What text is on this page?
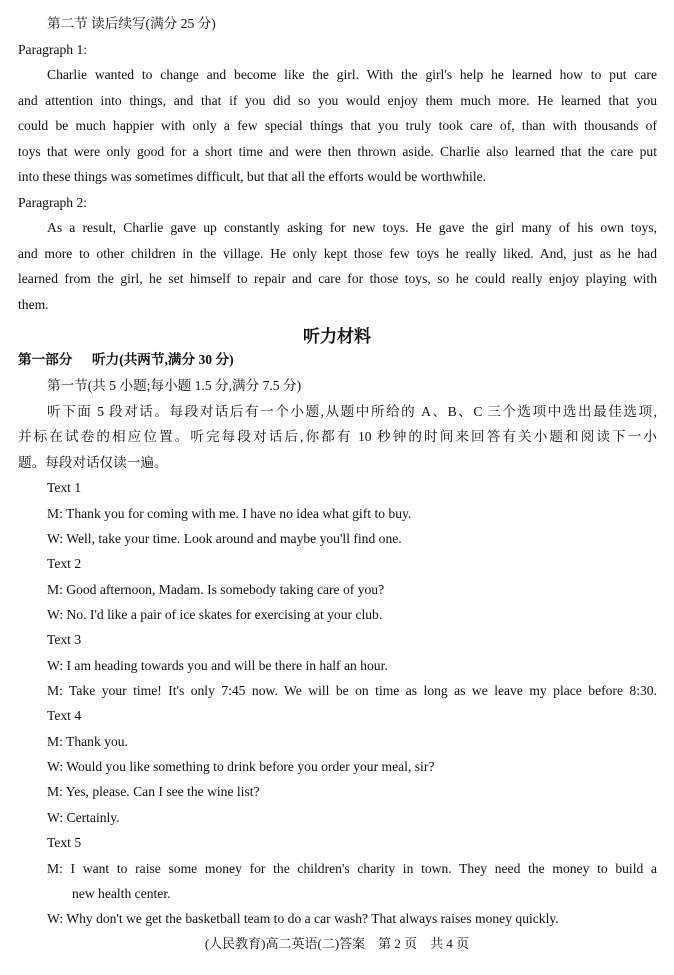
第二节 读后续写(满分 25 分)
Paragraph 1:
Charlie wanted to change and become like the girl. With the girl's help he learned how to put care
and attention into things, and that if you did so you would enjoy them much more. He learned that you
could be much happier with only a few special things that you truly took care of, than with thousands of
toys that were only good for a short time and were then thrown aside. Charlie also learned that the care put
into these things was sometimes difficult, but that all the efforts would be worthwhile.
Paragraph 2:
As a result, Charlie gave up constantly asking for new toys. He gave the girl many of his own toys,
and more to other children in the village. He only kept those few toys he really liked. And, just as he had
learned from the girl, he set himself to repair and care for those toys, so he could really enjoy playing with
them.
听力材料
第一部分 听力(共两节,满分 30 分)
第一节(共 5 小题;每小题 1.5 分,满分 7.5 分)
听下面 5 段对话。每段对话后有一个小题,从题中所给的 A、B、C 三个选项中选出最佳选项,
并标在试卷的相应位置。听完每段对话后,你都有 10 秒钟的时间来回答有关小题和阅读下一小
题。每段对话仅读一遍。
Text 1
M: Thank you for coming with me. I have no idea what gift to buy.
W: Well, take your time. Look around and maybe you'll find one.
Text 2
M: Good afternoon, Madam. Is somebody taking care of you?
W: No. I'd like a pair of ice skates for exercising at your club.
Text 3
W: I am heading towards you and will be there in half an hour.
M: Take your time! It's only 7:45 now. We will be on time as long as we leave my place before 8:30.
Text 4
M: Thank you.
W: Would you like something to drink before you order your meal, sir?
M: Yes, please. Can I see the wine list?
W: Certainly.
Text 5
M: I want to raise some money for the children's charity in town. They need the money to build a
new health center.
W: Why don't we get the basketball team to do a car wash? That always raises money quickly.
(人民教育)高二英语(二)答案　第 2 页　共 4 页
